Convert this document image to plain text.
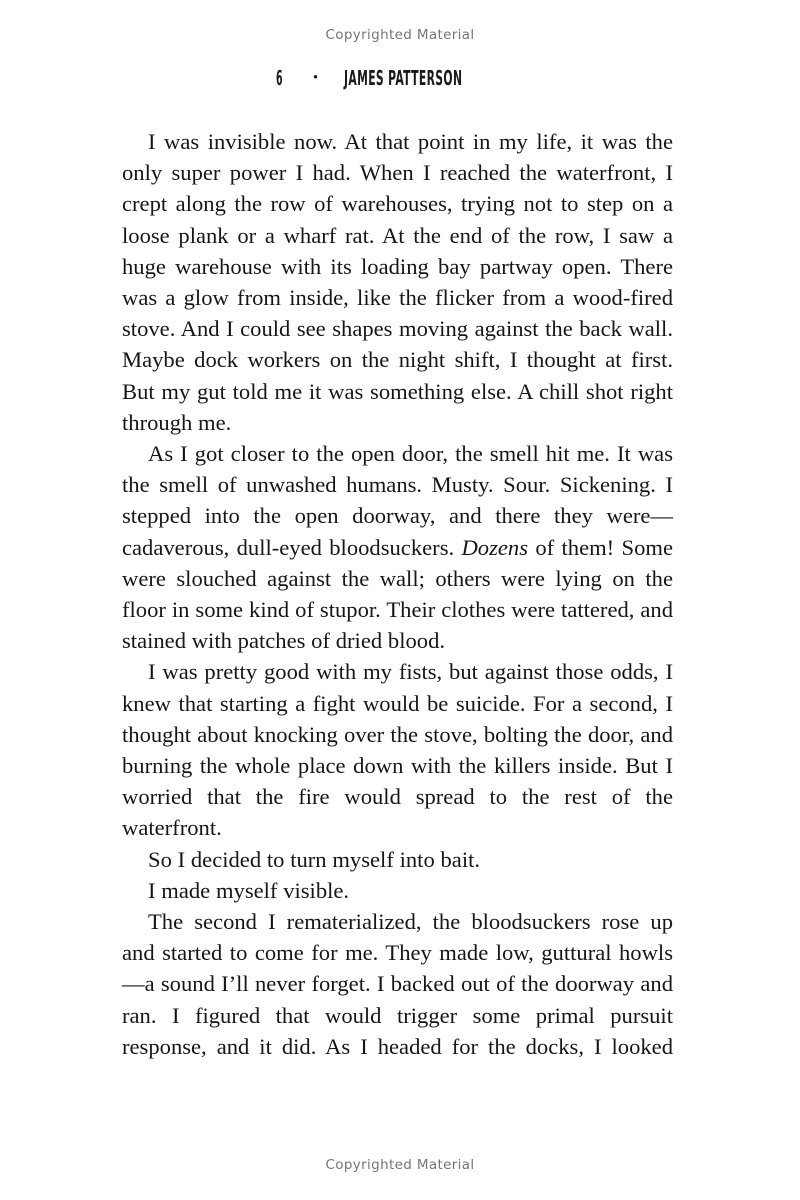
Copyrighted Material
6 • JAMES PATTERSON

I was invisible now. At that point in my life, it was the only super power I had. When I reached the waterfront, I crept along the row of warehouses, trying not to step on a loose plank or a wharf rat. At the end of the row, I saw a huge warehouse with its loading bay partway open. There was a glow from inside, like the flicker from a wood-fired stove. And I could see shapes moving against the back wall. Maybe dock workers on the night shift, I thought at first. But my gut told me it was something else. A chill shot right through me.

As I got closer to the open door, the smell hit me. It was the smell of unwashed humans. Musty. Sour. Sickening. I stepped into the open doorway, and there they were—cadaverous, dull-eyed bloodsuckers. Dozens of them! Some were slouched against the wall; others were lying on the floor in some kind of stupor. Their clothes were tattered, and stained with patches of dried blood.

I was pretty good with my fists, but against those odds, I knew that starting a fight would be suicide. For a second, I thought about knocking over the stove, bolting the door, and burning the whole place down with the killers inside. But I worried that the fire would spread to the rest of the waterfront.

So I decided to turn myself into bait.

I made myself visible.

The second I rematerialized, the bloodsuckers rose up and started to come for me. They made low, guttural howls—a sound I’ll never forget. I backed out of the doorway and ran. I figured that would trigger some primal pursuit response, and it did. As I headed for the docks, I looked

Copyrighted Material
